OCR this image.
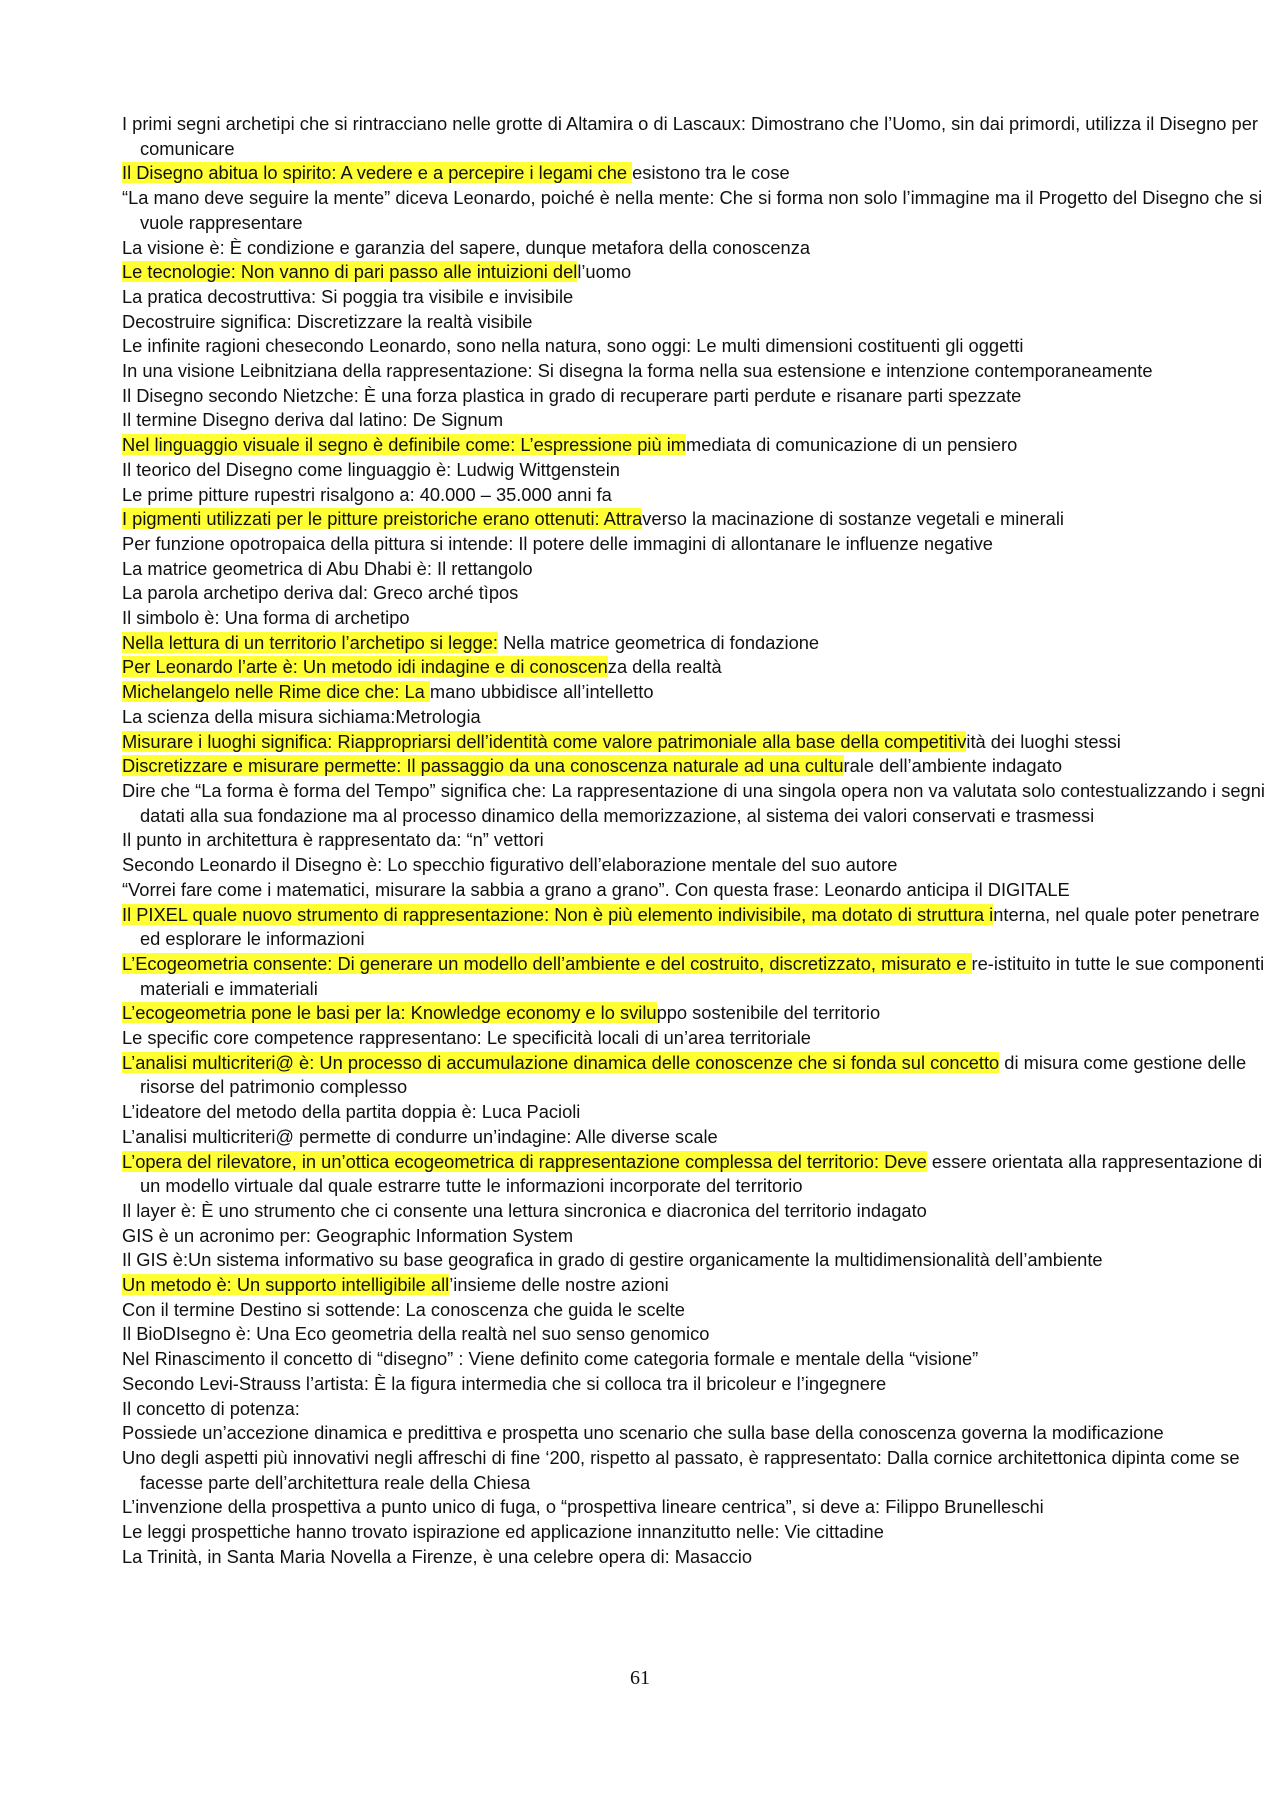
I primi segni archetipi che si rintracciano nelle grotte di Altamira o di Lascaux: Dimostrano che l’Uomo, sin dai primordi, utilizza il Disegno per comunicare

Il Disegno abitua lo spirito: A vedere e a percepire i legami che esistono tra le cose

“La mano deve seguire la mente” diceva Leonardo, poiché è nella mente: Che si forma non solo l’immagine ma il Progetto del Disegno che si vuole rappresentare

La visione è: È condizione e garanzia del sapere, dunque metafora della conoscenza

Le tecnologie: Non vanno di pari passo alle intuizioni dell’uomo

La pratica decostruttiva: Si poggia tra visibile e invisibile

Decostruire significa: Discretizzare la realtà visibile

Le infinite ragioni chesecondo Leonardo, sono nella natura, sono oggi: Le multi dimensioni costituenti gli oggetti

In una visione Leibnitziana della rappresentazione: Si disegna la forma nella sua estensione e intenzione contemporaneamente

Il Disegno secondo Nietzche: È una forza plastica in grado di recuperare parti perdute e risanare parti spezzate

Il termine Disegno deriva dal latino: De Signum

Nel linguaggio visuale il segno è definibile come: L’espressione più immediata di comunicazione di un pensiero

Il teorico del Disegno come linguaggio è: Ludwig Wittgenstein

Le prime pitture rupestri risalgono a: 40.000 – 35.000 anni fa

I pigmenti utilizzati per le pitture preistoriche erano ottenuti: Attraverso la macinazione di sostanze vegetali e minerali

Per funzione opotropaica della pittura si intende: Il potere delle immagini di allontanare le influenze negative

La matrice geometrica di Abu Dhabi è: Il rettangolo

La parola archetipo deriva dal: Greco arché tìpos

Il simbolo è: Una forma di archetipo

Nella lettura di un territorio l’archetipo si legge: Nella matrice geometrica di fondazione

Per Leonardo l’arte è: Un metodo idi indagine e di conoscenza della realtà

Michelangelo nelle Rime dice che: La mano ubbidisce all’intelletto

La scienza della misura sichiama:Metrologia

Misurare i luoghi significa: Riappropriarsi dell’identità come valore patrimoniale alla base della competitività dei luoghi stessi

Discretizzare e misurare permette: Il passaggio da una conoscenza naturale ad una culturale dell’ambiente indagato

Dire che “La forma è forma del Tempo” significa che: La rappresentazione di una singola opera non va valutata solo contestualizzando i segni datati alla sua fondazione ma al processo dinamico della memorizzazione, al sistema dei valori conservati e trasmessi

Il punto in architettura è rappresentato da: “n” vettori

Secondo Leonardo il Disegno è: Lo specchio figurativo dell’elaborazione mentale del suo autore

“Vorrei fare come i matematici, misurare la sabbia a grano a grano”. Con questa frase: Leonardo anticipa il DIGITALE

Il PIXEL quale nuovo strumento di rappresentazione: Non è più elemento indivisibile, ma dotato di struttura interna, nel quale poter penetrare ed esplorare le informazioni

L’Ecogeometria consente: Di generare un modello dell’ambiente e del costruito, discretizzato, misurato e re-istituito in tutte le sue componenti materiali e immateriali

L’ecogeometria pone le basi per la: Knowledge economy e lo sviluppo sostenibile del territorio

Le specific core competence rappresentano: Le specificità locali di un’area territoriale

L’analisi multicriteri@ è: Un processo di accumulazione dinamica delle conoscenze che si fonda sul concetto di misura come gestione delle risorse del patrimonio complesso

L’ideatore del metodo della partita doppia è: Luca Pacioli

L’analisi multicriteri@ permette di condurre un’indagine: Alle diverse scale

L’opera del rilevatore, in un’ottica ecogeometrica di rappresentazione complessa del territorio: Deve essere orientata alla rappresentazione di un modello virtuale dal quale estrarre tutte le informazioni incorporate del territorio

Il layer è: È uno strumento che ci consente una lettura sincronica e diacronica del territorio indagato

GIS è un acronimo per: Geographic Information System

Il GIS è:Un sistema informativo su base geografica in grado di gestire organicamente la multidimensionalità dell’ambiente

Un metodo è: Un supporto intelligibile all’insieme delle nostre azioni

Con il termine Destino si sottende: La conoscenza che guida le scelte

Il BioDIsegno è: Una Eco geometria della realtà nel suo senso genomico

Nel Rinascimento il concetto di “disegno” : Viene definito come categoria formale e mentale della “visione”

Secondo Levi-Strauss l’artista: È la figura intermedia che si colloca tra il bricoleur e l’ingegnere

Il concetto di potenza:

Possiede un’accezione dinamica e predittiva e prospetta uno scenario che sulla base della conoscenza governa la modificazione

Uno degli aspetti più innovativi negli affreschi di fine ‘200, rispetto al passato, è rappresentato: Dalla cornice architettonica dipinta come se facesse parte dell’architettura reale della Chiesa

L’invenzione della prospettiva a punto unico di fuga, o “prospettiva lineare centrica”, si deve a: Filippo Brunelleschi

Le leggi prospettiche hanno trovato ispirazione ed applicazione innanzitutto nelle: Vie cittadine

La Trinità, in Santa Maria Novella a Firenze, è una celebre opera di: Masaccio

61
